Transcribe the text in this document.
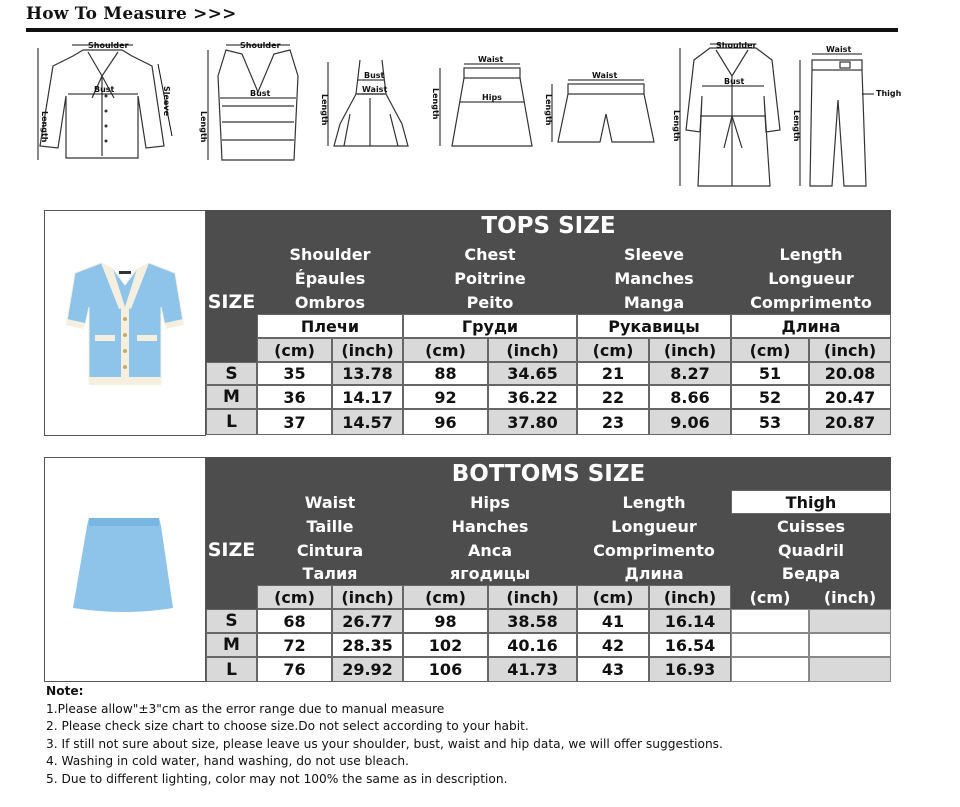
How To Measure >>>
Shoulder
Bust
Length
Sleeve
Shoulder
Bust
Length
Bust
Waist
Length
Waist
Hips
Length
Waist
Length
Shoulder
Bust
Length
Waist
Thigh
Length
TOPS SIZE
SIZE
Shoulder
Épaules
Ombros
Плечи
Chest
Poitrine
Peito
Груди
Sleeve
Manches
Manga
Рукавицы
Length
Longueur
Comprimento
Длина
(cm)	(inch)	(cm)	(inch)	(cm)	(inch)	(cm)	(inch)
S	35	13.78	88	34.65	21	8.27	51	20.08
M	36	14.17	92	36.22	22	8.66	52	20.47
L	37	14.57	96	37.80	23	9.06	53	20.87
BOTTOMS SIZE
SIZE
Waist
Taille
Cintura
Талия
Hips
Hanches
Anca
ягодицы
Length
Longueur
Comprimento
Длина
Thigh
Cuisses
Quadril
Бедра
(cm)	(inch)	(cm)	(inch)	(cm)	(inch)	(cm)	(inch)
S	68	26.77	98	38.58	41	16.14
M	72	28.35	102	40.16	42	16.54
L	76	29.92	106	41.73	43	16.93
Note:
1.Please allow"±3"cm as the error range due to manual measure
2. Please check size chart to choose size.Do not select according to your habit.
3. If still not sure about size, please leave us your shoulder, bust, waist and hip data, we will offer suggestions.
4. Washing in cold water, hand washing, do not use bleach.
5. Due to different lighting, color may not 100% the same as in description.
